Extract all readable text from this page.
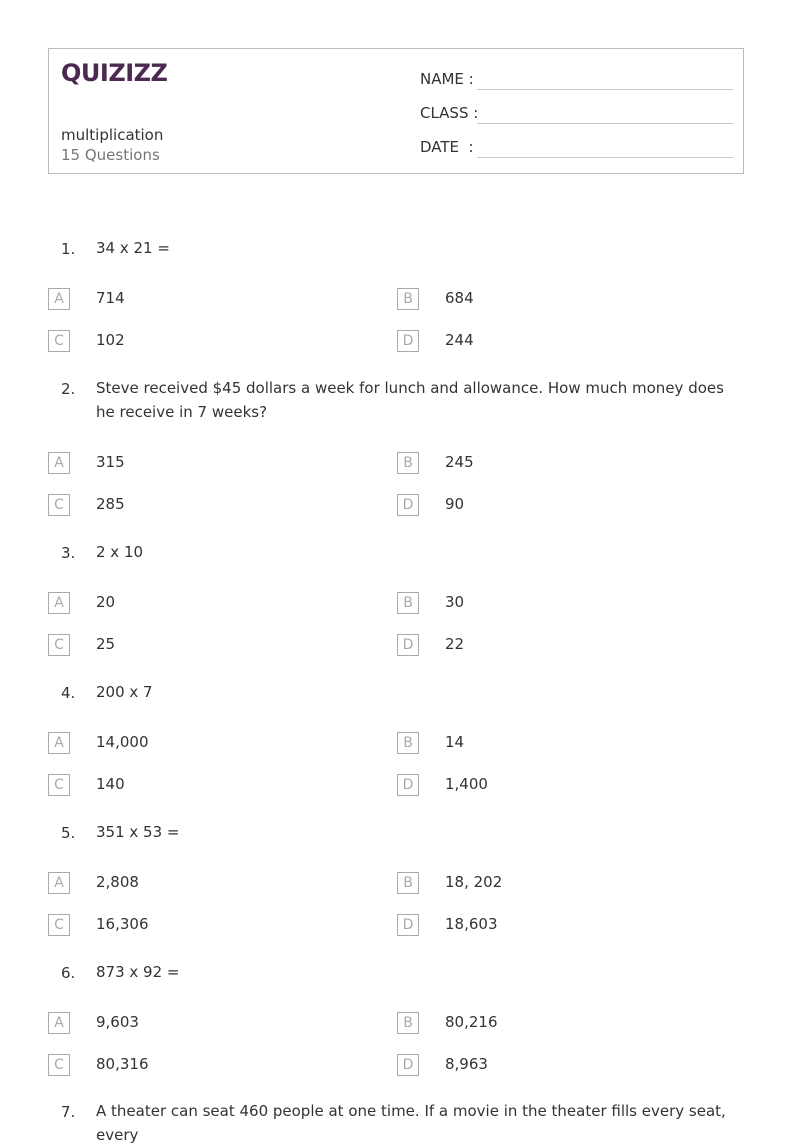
QUIZIZZ
multiplication
15 Questions
NAME :
CLASS :
DATE  :
1. 34 x 21 =
A	714	B	684
C	102	D	244
2. Steve received $45 dollars a week for lunch and allowance. How much money does he receive in 7 weeks?
A	315	B	245
C	285	D	90
3. 2 x 10
A	20	B	30
C	25	D	22
4. 200 x 7
A	14,000	B	14
C	140	D	1,400
5. 351 x 53 =
A	2,808	B	18, 202
C	16,306	D	18,603
6. 873 x 92 =
A	9,603	B	80,216
C	80,316	D	8,963
7. A theater can seat 460 people at one time. If a movie in the theater fills every seat, every
